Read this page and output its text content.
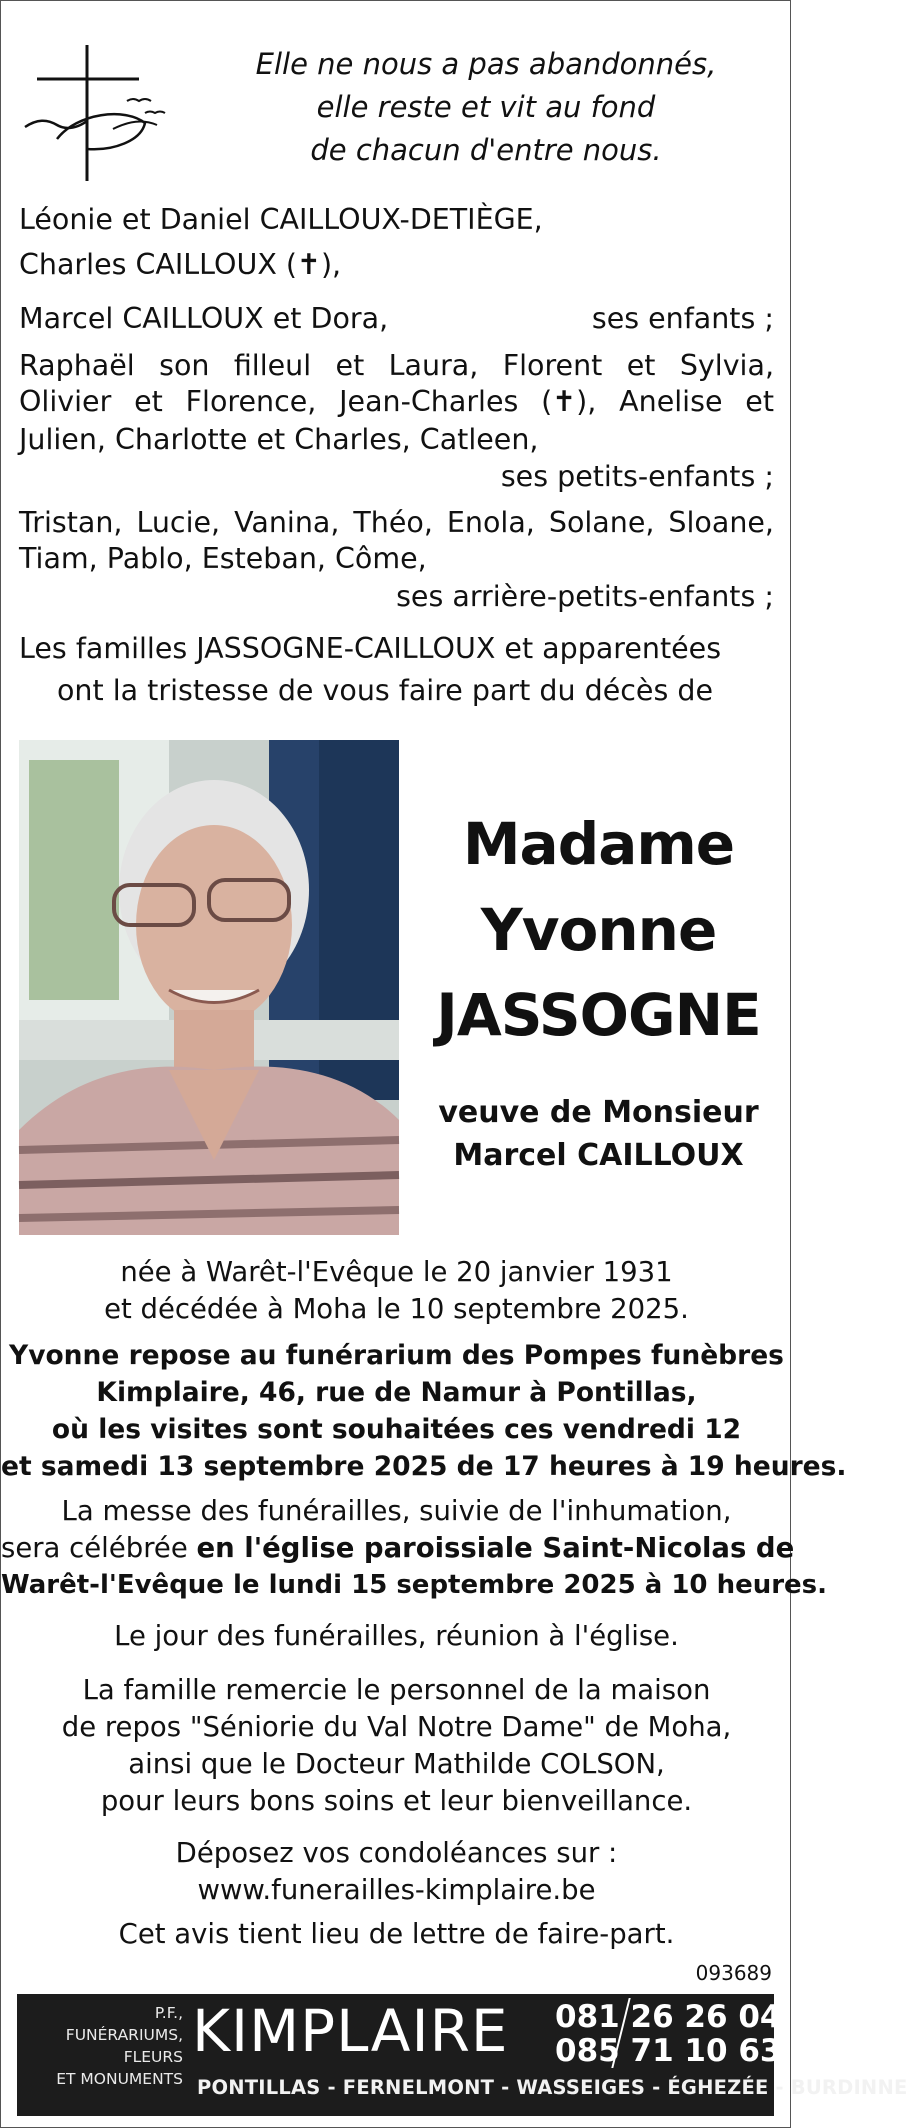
Elle ne nous a pas abandonnés,
elle reste et vit au fond
de chacun d'entre nous.
Léonie et Daniel CAILLOUX-DETIÈGE,
Charles CAILLOUX (✝),
Marcel CAILLOUX et Dora,	ses enfants ;
Raphaël son filleul et Laura, Florent et Sylvia,
Olivier et Florence, Jean-Charles (✝), Anelise et
Julien, Charlotte et Charles, Catleen,
ses petits-enfants ;
Tristan, Lucie, Vanina, Théo, Enola, Solane, Sloane,
Tiam, Pablo, Esteban, Côme,
ses arrière-petits-enfants ;
Les familles JASSOGNE-CAILLOUX et apparentées
ont la tristesse de vous faire part du décès de
Madame
Yvonne
JASSOGNE
veuve de Monsieur
Marcel CAILLOUX
née à Warêt-l'Evêque le 20 janvier 1931
et décédée à Moha le 10 septembre 2025.
Yvonne repose au funérarium des Pompes funèbres
Kimplaire, 46, rue de Namur à Pontillas,
où les visites sont souhaitées ces vendredi 12
et samedi 13 septembre 2025 de 17 heures à 19 heures.
La messe des funérailles, suivie de l'inhumation,
sera célébrée en l'église paroissiale Saint-Nicolas de
Warêt-l'Evêque le lundi 15 septembre 2025 à 10 heures.
Le jour des funérailles, réunion à l'église.
La famille remercie le personnel de la maison
de repos "Séniorie du Val Notre Dame" de Moha,
ainsi que le Docteur Mathilde COLSON,
pour leurs bons soins et leur bienveillance.
Déposez vos condoléances sur :
www.funerailles-kimplaire.be
Cet avis tient lieu de lettre de faire-part.
093689
P.F.,
FUNÉRARIUMS,
FLEURS
ET MONUMENTS
KIMPLAIRE 081 26 26 04
085 71 10 63
PONTILLAS - FERNELMONT - WASSEIGES - ÉGHEZÉE - BURDINNE
